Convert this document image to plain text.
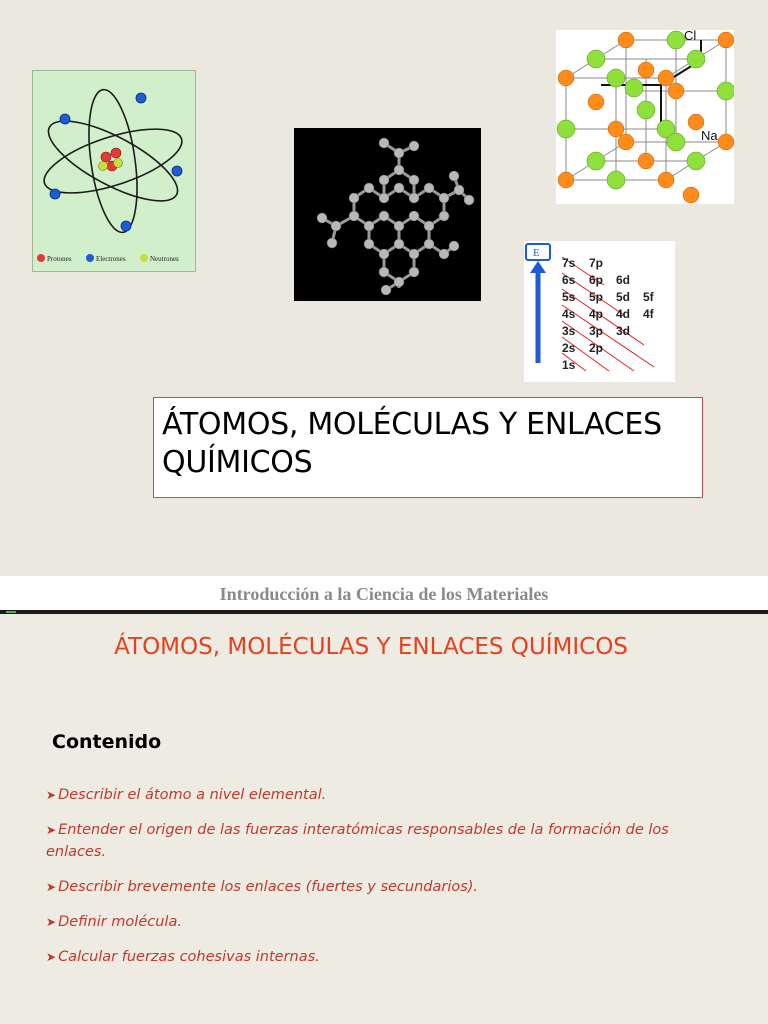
Protones	Electrones	Neutrones
Cl
Na
E
7s 7p
6s 6p 6d
5s 5p 5d 5f
4s 4p 4d 4f
3s 3p 3d
2s 2p
1s
ÁTOMOS, MOLÉCULAS Y ENLACES
QUÍMICOS
Introducción a la Ciencia de los Materiales
ÁTOMOS, MOLÉCULAS Y ENLACES QUÍMICOS
Contenido
➤ Describir el átomo a nivel elemental.
➤ Entender el origen de las fuerzas interatómicas responsables de la formación de los enlaces.
➤ Describir brevemente los enlaces (fuertes y secundarios).
➤ Definir molécula.
➤ Calcular fuerzas cohesivas internas.
